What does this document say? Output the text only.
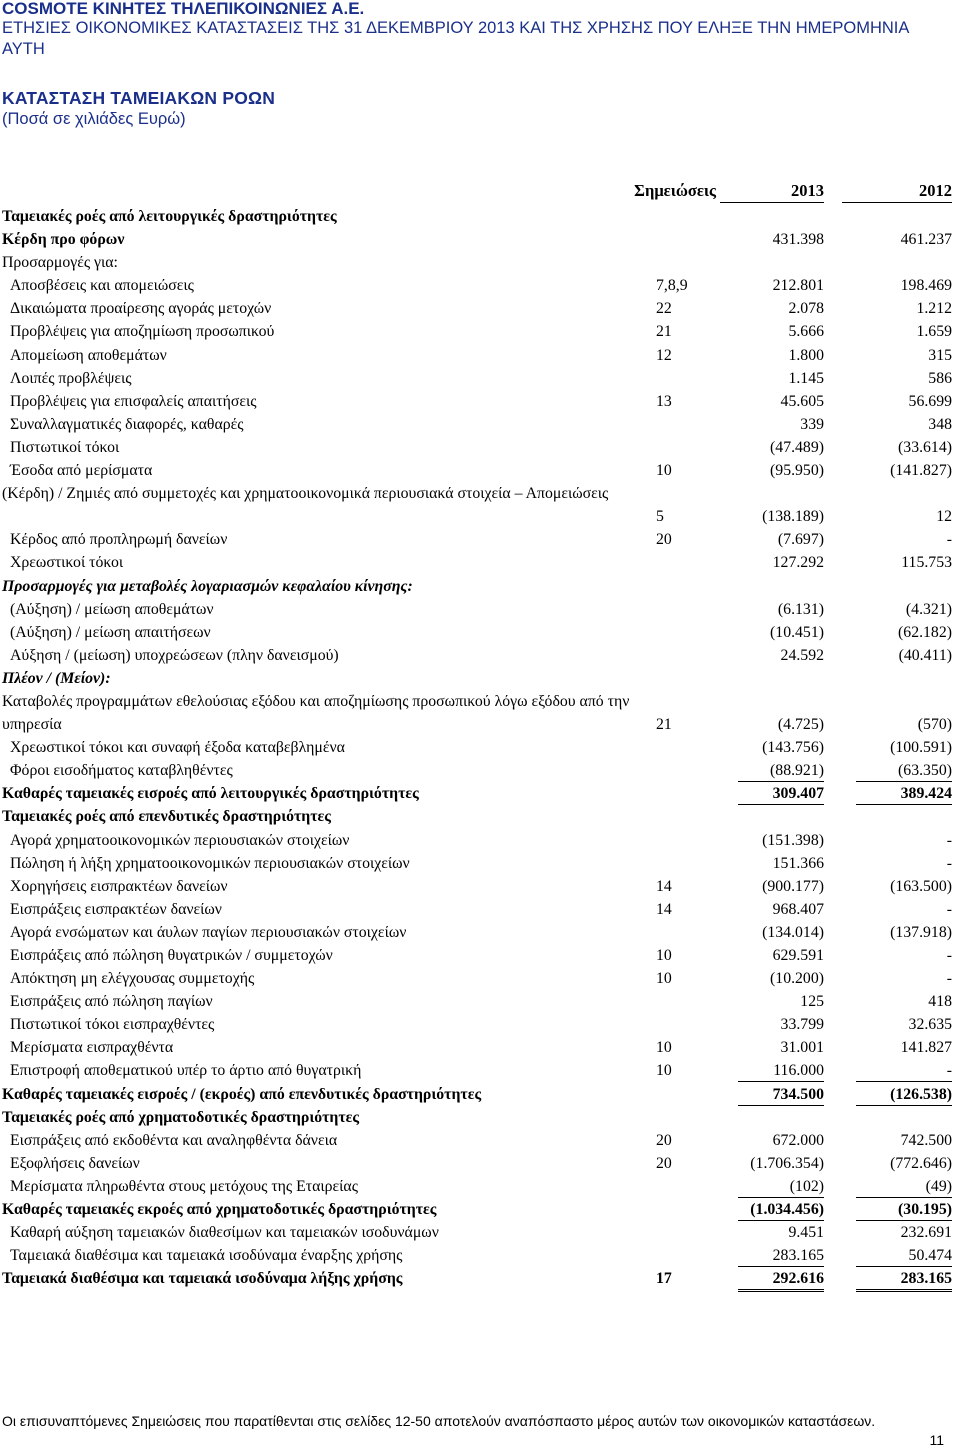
COSMOTE ΚΙΝΗΤΕΣ ΤΗΛΕΠΙΚΟΙΝΩΝΙΕΣ Α.Ε.
ΕΤΗΣΙΕΣ ΟΙΚΟΝΟΜΙΚΕΣ ΚΑΤΑΣΤΑΣΕΙΣ ΤΗΣ 31 ΔΕΚΕΜΒΡΙΟΥ 2013 ΚΑΙ ΤΗΣ ΧΡΗΣΗΣ ΠΟΥ ΕΛΗΞΕ ΤΗΝ ΗΜΕΡΟΜΗΝΙΑ ΑΥΤΗ
ΚΑΤΑΣΤΑΣΗ ΤΑΜΕΙΑΚΩΝ ΡΟΩΝ
(Ποσά σε χιλιάδες Ευρώ)
Σημειώσεις	2013	2012
Ταμειακές ροές από λειτουργικές δραστηριότητες
Κέρδη προ φόρων	431.398	461.237
Προσαρμογές για:
Αποσβέσεις και απομειώσεις	7,8,9	212.801	198.469
Δικαιώματα προαίρεσης αγοράς μετοχών	22	2.078	1.212
Προβλέψεις για αποζημίωση προσωπικού	21	5.666	1.659
Απομείωση αποθεμάτων	12	1.800	315
Λοιπές προβλέψεις	1.145	586
Προβλέψεις για επισφαλείς απαιτήσεις	13	45.605	56.699
Συναλλαγματικές διαφορές, καθαρές	339	348
Πιστωτικοί τόκοι	(47.489)	(33.614)
Έσοδα από μερίσματα	10	(95.950)	(141.827)
(Κέρδη) / Ζημιές από συμμετοχές και χρηματοοικονομικά περιουσιακά στοιχεία – Απομειώσεις
5	(138.189)	12
Κέρδος από προπληρωμή δανείων	20	(7.697)	-
Χρεωστικοί τόκοι	127.292	115.753
Προσαρμογές για μεταβολές λογαριασμών κεφαλαίου κίνησης:
(Αύξηση) / μείωση αποθεμάτων	(6.131)	(4.321)
(Αύξηση) / μείωση απαιτήσεων	(10.451)	(62.182)
Αύξηση / (μείωση) υποχρεώσεων (πλην δανεισμού)	24.592	(40.411)
Πλέον / (Μείον):
Καταβολές προγραμμάτων εθελούσιας εξόδου και αποζημίωσης προσωπικού λόγω εξόδου από την υπηρεσία	21	(4.725)	(570)
Χρεωστικοί τόκοι και συναφή έξοδα καταβεβλημένα	(143.756)	(100.591)
Φόροι εισοδήματος καταβληθέντες	(88.921)	(63.350)
Καθαρές ταμειακές εισροές από λειτουργικές δραστηριότητες	309.407	389.424
Ταμειακές ροές από επενδυτικές δραστηριότητες
Αγορά χρηματοοικονομικών περιουσιακών στοιχείων	(151.398)	-
Πώληση ή λήξη χρηματοοικονομικών περιουσιακών στοιχείων	151.366	-
Χορηγήσεις εισπρακτέων δανείων	14	(900.177)	(163.500)
Εισπράξεις εισπρακτέων δανείων	14	968.407	-
Αγορά ενσώματων και άυλων παγίων περιουσιακών στοιχείων	(134.014)	(137.918)
Εισπράξεις από πώληση θυγατρικών / συμμετοχών	10	629.591	-
Απόκτηση μη ελέγχουσας συμμετοχής	10	(10.200)	-
Εισπράξεις από πώληση παγίων	125	418
Πιστωτικοί τόκοι εισπραχθέντες	33.799	32.635
Μερίσματα εισπραχθέντα	10	31.001	141.827
Επιστροφή αποθεματικού υπέρ το άρτιο από θυγατρική	10	116.000	-
Καθαρές ταμειακές εισροές / (εκροές) από επενδυτικές δραστηριότητες	734.500	(126.538)
Ταμειακές ροές από χρηματοδοτικές δραστηριότητες
Εισπράξεις από εκδοθέντα και αναληφθέντα δάνεια	20	672.000	742.500
Εξοφλήσεις δανείων	20	(1.706.354)	(772.646)
Μερίσματα πληρωθέντα στους μετόχους της Εταιρείας	(102)	(49)
Καθαρές ταμειακές εκροές από χρηματοδοτικές δραστηριότητες	(1.034.456)	(30.195)
Καθαρή αύξηση ταμειακών διαθεσίμων και ταμειακών ισοδυνάμων	9.451	232.691
Ταμειακά διαθέσιμα και ταμειακά ισοδύναμα έναρξης χρήσης	283.165	50.474
Ταμειακά διαθέσιμα και ταμειακά ισοδύναμα λήξης χρήσης	17	292.616	283.165
Οι επισυναπτόμενες Σημειώσεις που παρατίθενται στις σελίδες 12-50 αποτελούν αναπόσπαστο μέρος αυτών των οικονομικών καταστάσεων.
11
